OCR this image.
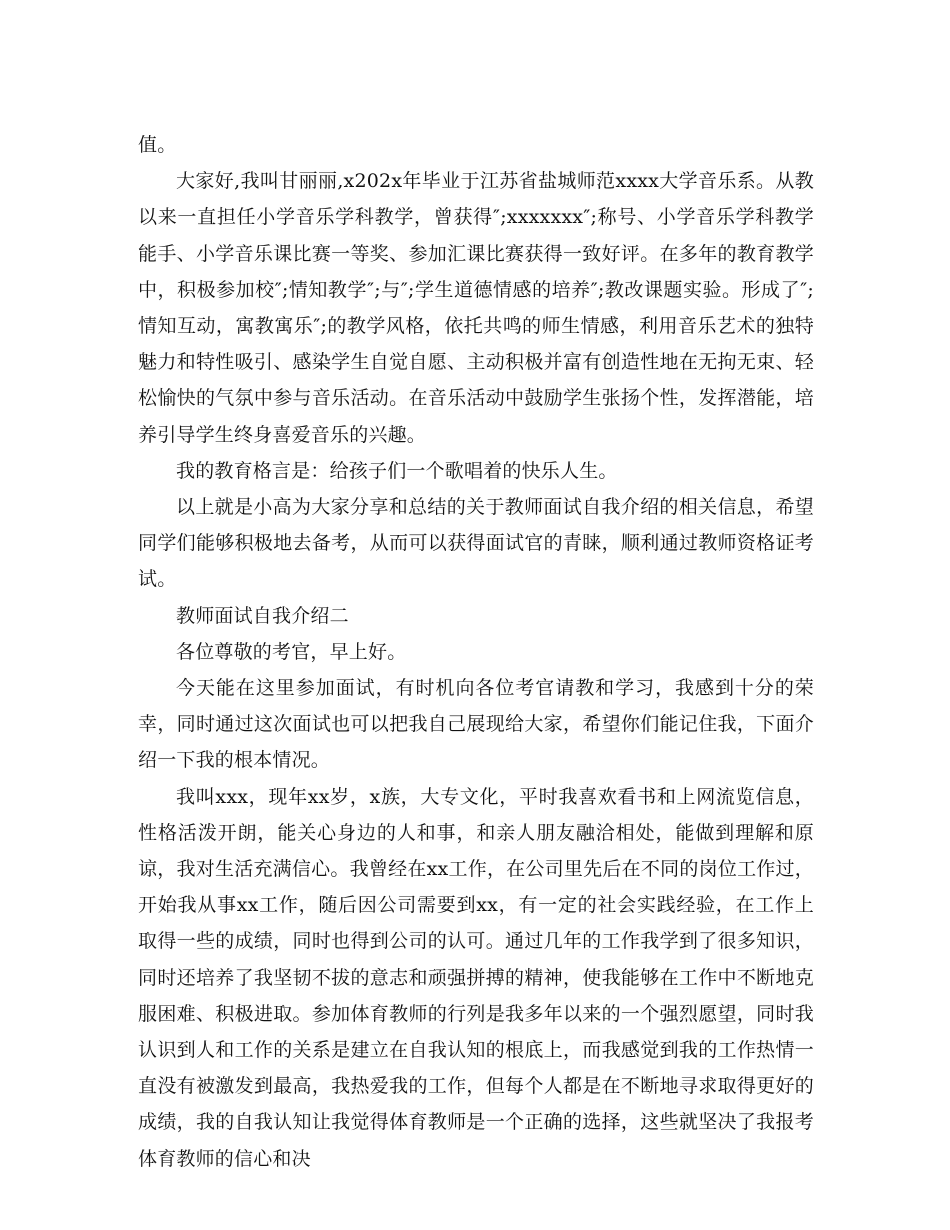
值。

大家好,我叫甘丽丽,x202x年毕业于江苏省盐城师范xxxx大学音乐系。从教以来一直担任小学音乐学科教学，曾获得″;xxxxxxx″;称号、小学音乐学科教学能手、小学音乐课比赛一等奖、参加汇课比赛获得一致好评。在多年的教育教学中，积极参加校″;情知教学″;与″;学生道德情感的培养″;教改课题实验。形成了″;情知互动，寓教寓乐″;的教学风格，依托共鸣的师生情感，利用音乐艺术的独特魅力和特性吸引、感染学生自觉自愿、主动积极并富有创造性地在无拘无束、轻松愉快的气氛中参与音乐活动。在音乐活动中鼓励学生张扬个性，发挥潜能，培养引导学生终身喜爱音乐的兴趣。

我的教育格言是：给孩子们一个歌唱着的快乐人生。

以上就是小高为大家分享和总结的关于教师面试自我介绍的相关信息，希望同学们能够积极地去备考，从而可以获得面试官的青睐，顺利通过教师资格证考试。

教师面试自我介绍二

各位尊敬的考官，早上好。

今天能在这里参加面试，有时机向各位考官请教和学习，我感到十分的荣幸，同时通过这次面试也可以把我自己展现给大家，希望你们能记住我，下面介绍一下我的根本情况。

我叫xxx，现年xx岁，x族，大专文化，平时我喜欢看书和上网流览信息，性格活泼开朗，能关心身边的人和事，和亲人朋友融洽相处，能做到理解和原谅，我对生活充满信心。我曾经在xx工作，在公司里先后在不同的岗位工作过，开始我从事xx工作，随后因公司需要到xx，有一定的社会实践经验，在工作上取得一些的成绩，同时也得到公司的认可。通过几年的工作我学到了很多知识，同时还培养了我坚韧不拔的意志和顽强拼搏的精神，使我能够在工作中不断地克服困难、积极进取。参加体育教师的行列是我多年以来的一个强烈愿望，同时我认识到人和工作的关系是建立在自我认知的根底上，而我感觉到我的工作热情一直没有被激发到最高，我热爱我的工作，但每个人都是在不断地寻求取得更好的成绩，我的自我认知让我觉得体育教师是一个正确的选择，这些就坚决了我报考体育教师的信心和决
